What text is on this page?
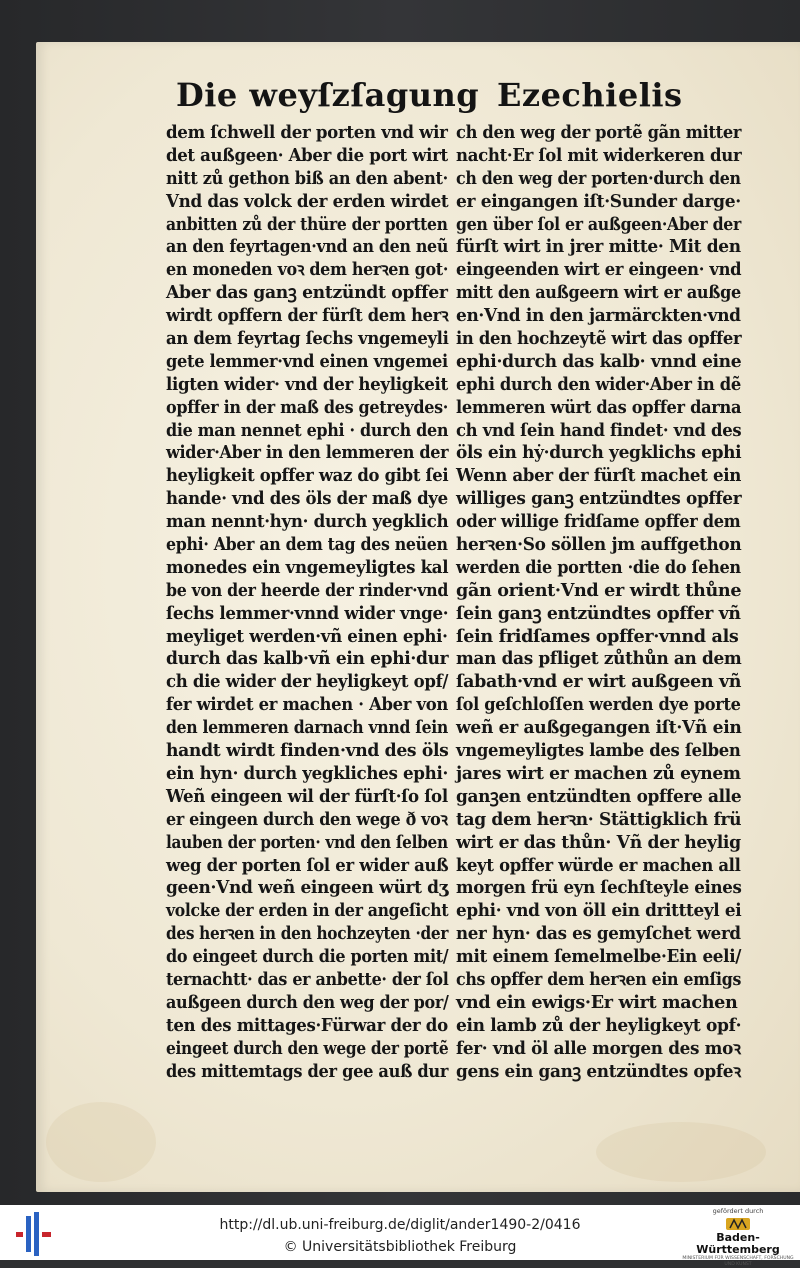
Die weyſzſagung Ezechielis
dem ſchwell der porten vnd wir
det außgeen· Aber die port wirt
nitt zů gethon biß an den abent·
Vnd das volck der erden wirdet
anbitten zů der thüre der portten
an den feyrtagen·vnd an den neũ
en moneden voꝛ dem herꝛen got·
Aber das ganꝫ entzündt opffer
wirdt opffern der fürſt dem herꝛ
an dem feyrtag ſechs vngemeyli
gete lemmer·vnd einen vngemei
ligten wider· vnd der heyligkeit
opffer in der maß des getreydes·
die man nennet ephi · durch den
wider·Aber in den lemmeren der
heyligkeit opffer waz do gibt ſei
hande· vnd des öls der maß dye
man nennt·hyn· durch yegklich
ephi· Aber an dem tag des neüen
monedes ein vngemeyligtes kal
be von der heerde der rinder·vnd
ſechs lemmer·vnnd wider vnge·
meyliget werden·vñ einen ephi·
durch das kalb·vñ ein ephi·dur
ch die wider der heyligkeyt opf/
fer wirdet er machen · Aber von
den lemmeren darnach vnnd ſein
handt wirdt finden·vnd des öls
ein hyn· durch yegkliches ephi·
Weñ eingeen wil der fürſt·ſo ſol
er eingeen durch den wege ð voꝛ
lauben der porten· vnd den ſelben
weg der porten ſol er wider auß
geen·Vnd weñ eingeen würt dʒ
volcke der erden in der angeſicht
des herꝛen in den hochzeyten ·der
do eingeet durch die porten mit/
ternachtt· das er anbette· der ſol
außgeen durch den weg der por/
ten des mittages·Fürwar der do
eingeet durch den wege der portẽ
des mittemtags der gee auß dur
ch den weg der portẽ gãn mitter
nacht·Er ſol mit widerkeren dur
ch den weg der porten·durch den
er eingangen iſt·Sunder darge·
gen über ſol er außgeen·Aber der
fürſt wirt in jrer mitte· Mit den
eingeenden wirt er eingeen· vnd
mitt den außgeern wirt er außge
en·Vnd in den jarmärckten·vnd
in den hochzeytẽ wirt das opffer
ephi·durch das kalb· vnnd eine
ephi durch den wider·Aber in dẽ
lemmeren würt das opffer darna
ch vnd ſein hand findet· vnd des
öls ein hẏ·durch yegklichs ephi
Wenn aber der fürſt machet ein
williges ganꝫ entzündtes opffer
oder willige fridſame opffer dem
herꝛen·So söllen jm auffgethon
werden die portten ·die do ſehen
gãn orient·Vnd er wirdt thůne
ſein ganꝫ entzündtes opffer vñ
ſein fridſames opffer·vnnd als
man das pfliget zůthůn an dem
ſabath·vnd er wirt außgeen vñ
ſol geſchloſſen werden dye porte
weñ er außgegangen iſt·Vñ ein
vngemeyligtes lambe des ſelben
jares wirt er machen zů eynem
ganꝫen entzündten opffere alle
tag dem herꝛn· Stättigklich frü
wirt er das thůn· Vñ der heylig
keyt opffer würde er machen all
morgen frü eyn ſechſteyle eines
ephi· vnd von öll ein drittteyl ei
ner hyn· das es gemyſchet werd
mit einem ſemelmelbe·Ein eeli/
chs opffer dem herꝛen ein emſigs
vnd ein ewigs·Er wirt machen
ein lamb zů der heyligkeyt opf·
fer· vnd öl alle morgen des moꝛ
gens ein ganꝫ entzündtes opfeꝛ
http://dl.ub.uni-freiburg.de/diglit/ander1490-2/0416
© Universitätsbibliothek Freiburg
gefördert durch
Baden-Württemberg
MINISTERIUM FÜR WISSENSCHAFT, FORSCHUNG UND KUNST
